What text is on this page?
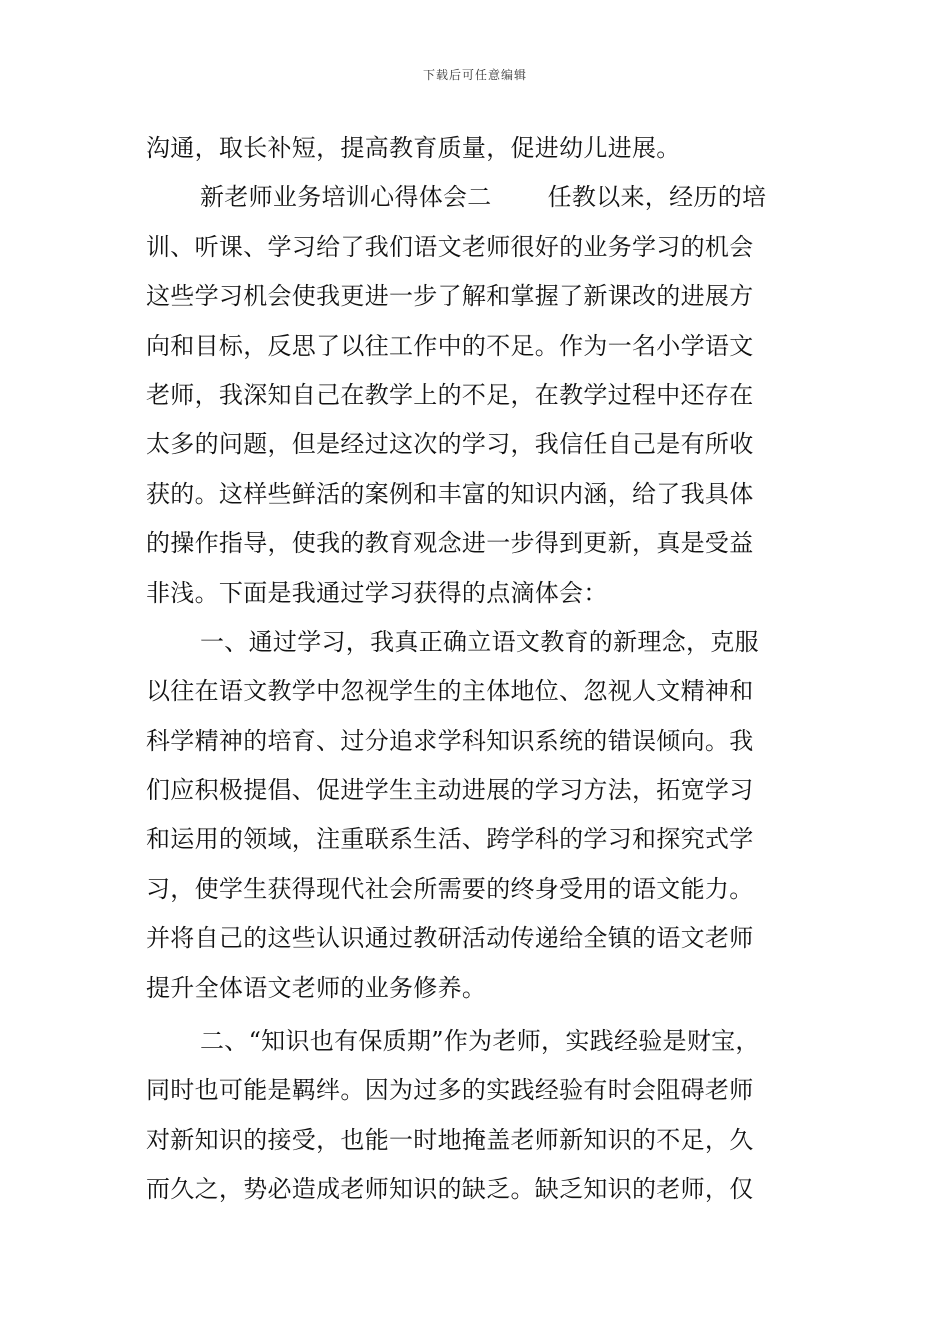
下载后可任意编辑
沟通，取长补短，提高教育质量，促进幼儿进展。
新老师业务培训心得体会二 任教以来，经历的培
训、听课、学习给了我们语文老师很好的业务学习的机会
这些学习机会使我更进一步了解和掌握了新课改的进展方
向和目标，反思了以往工作中的不足。作为一名小学语文
老师，我深知自己在教学上的不足，在教学过程中还存在
太多的问题，但是经过这次的学习，我信任自己是有所收
获的。这样些鲜活的案例和丰富的知识内涵，给了我具体
的操作指导，使我的教育观念进一步得到更新，真是受益
非浅。下面是我通过学习获得的点滴体会：
一、通过学习，我真正确立语文教育的新理念，克服
以往在语文教学中忽视学生的主体地位、忽视人文精神和
科学精神的培育、过分追求学科知识系统的错误倾向。我
们应积极提倡、促进学生主动进展的学习方法，拓宽学习
和运用的领域，注重联系生活、跨学科的学习和探究式学
习，使学生获得现代社会所需要的终身受用的语文能力。
并将自己的这些认识通过教研活动传递给全镇的语文老师
提升全体语文老师的业务修养。
二、“知识也有保质期”作为老师，实践经验是财宝，
同时也可能是羁绊。因为过多的实践经验有时会阻碍老师
对新知识的接受，也能一时地掩盖老师新知识的不足，久
而久之，势必造成老师知识的缺乏。缺乏知识的老师，仅
